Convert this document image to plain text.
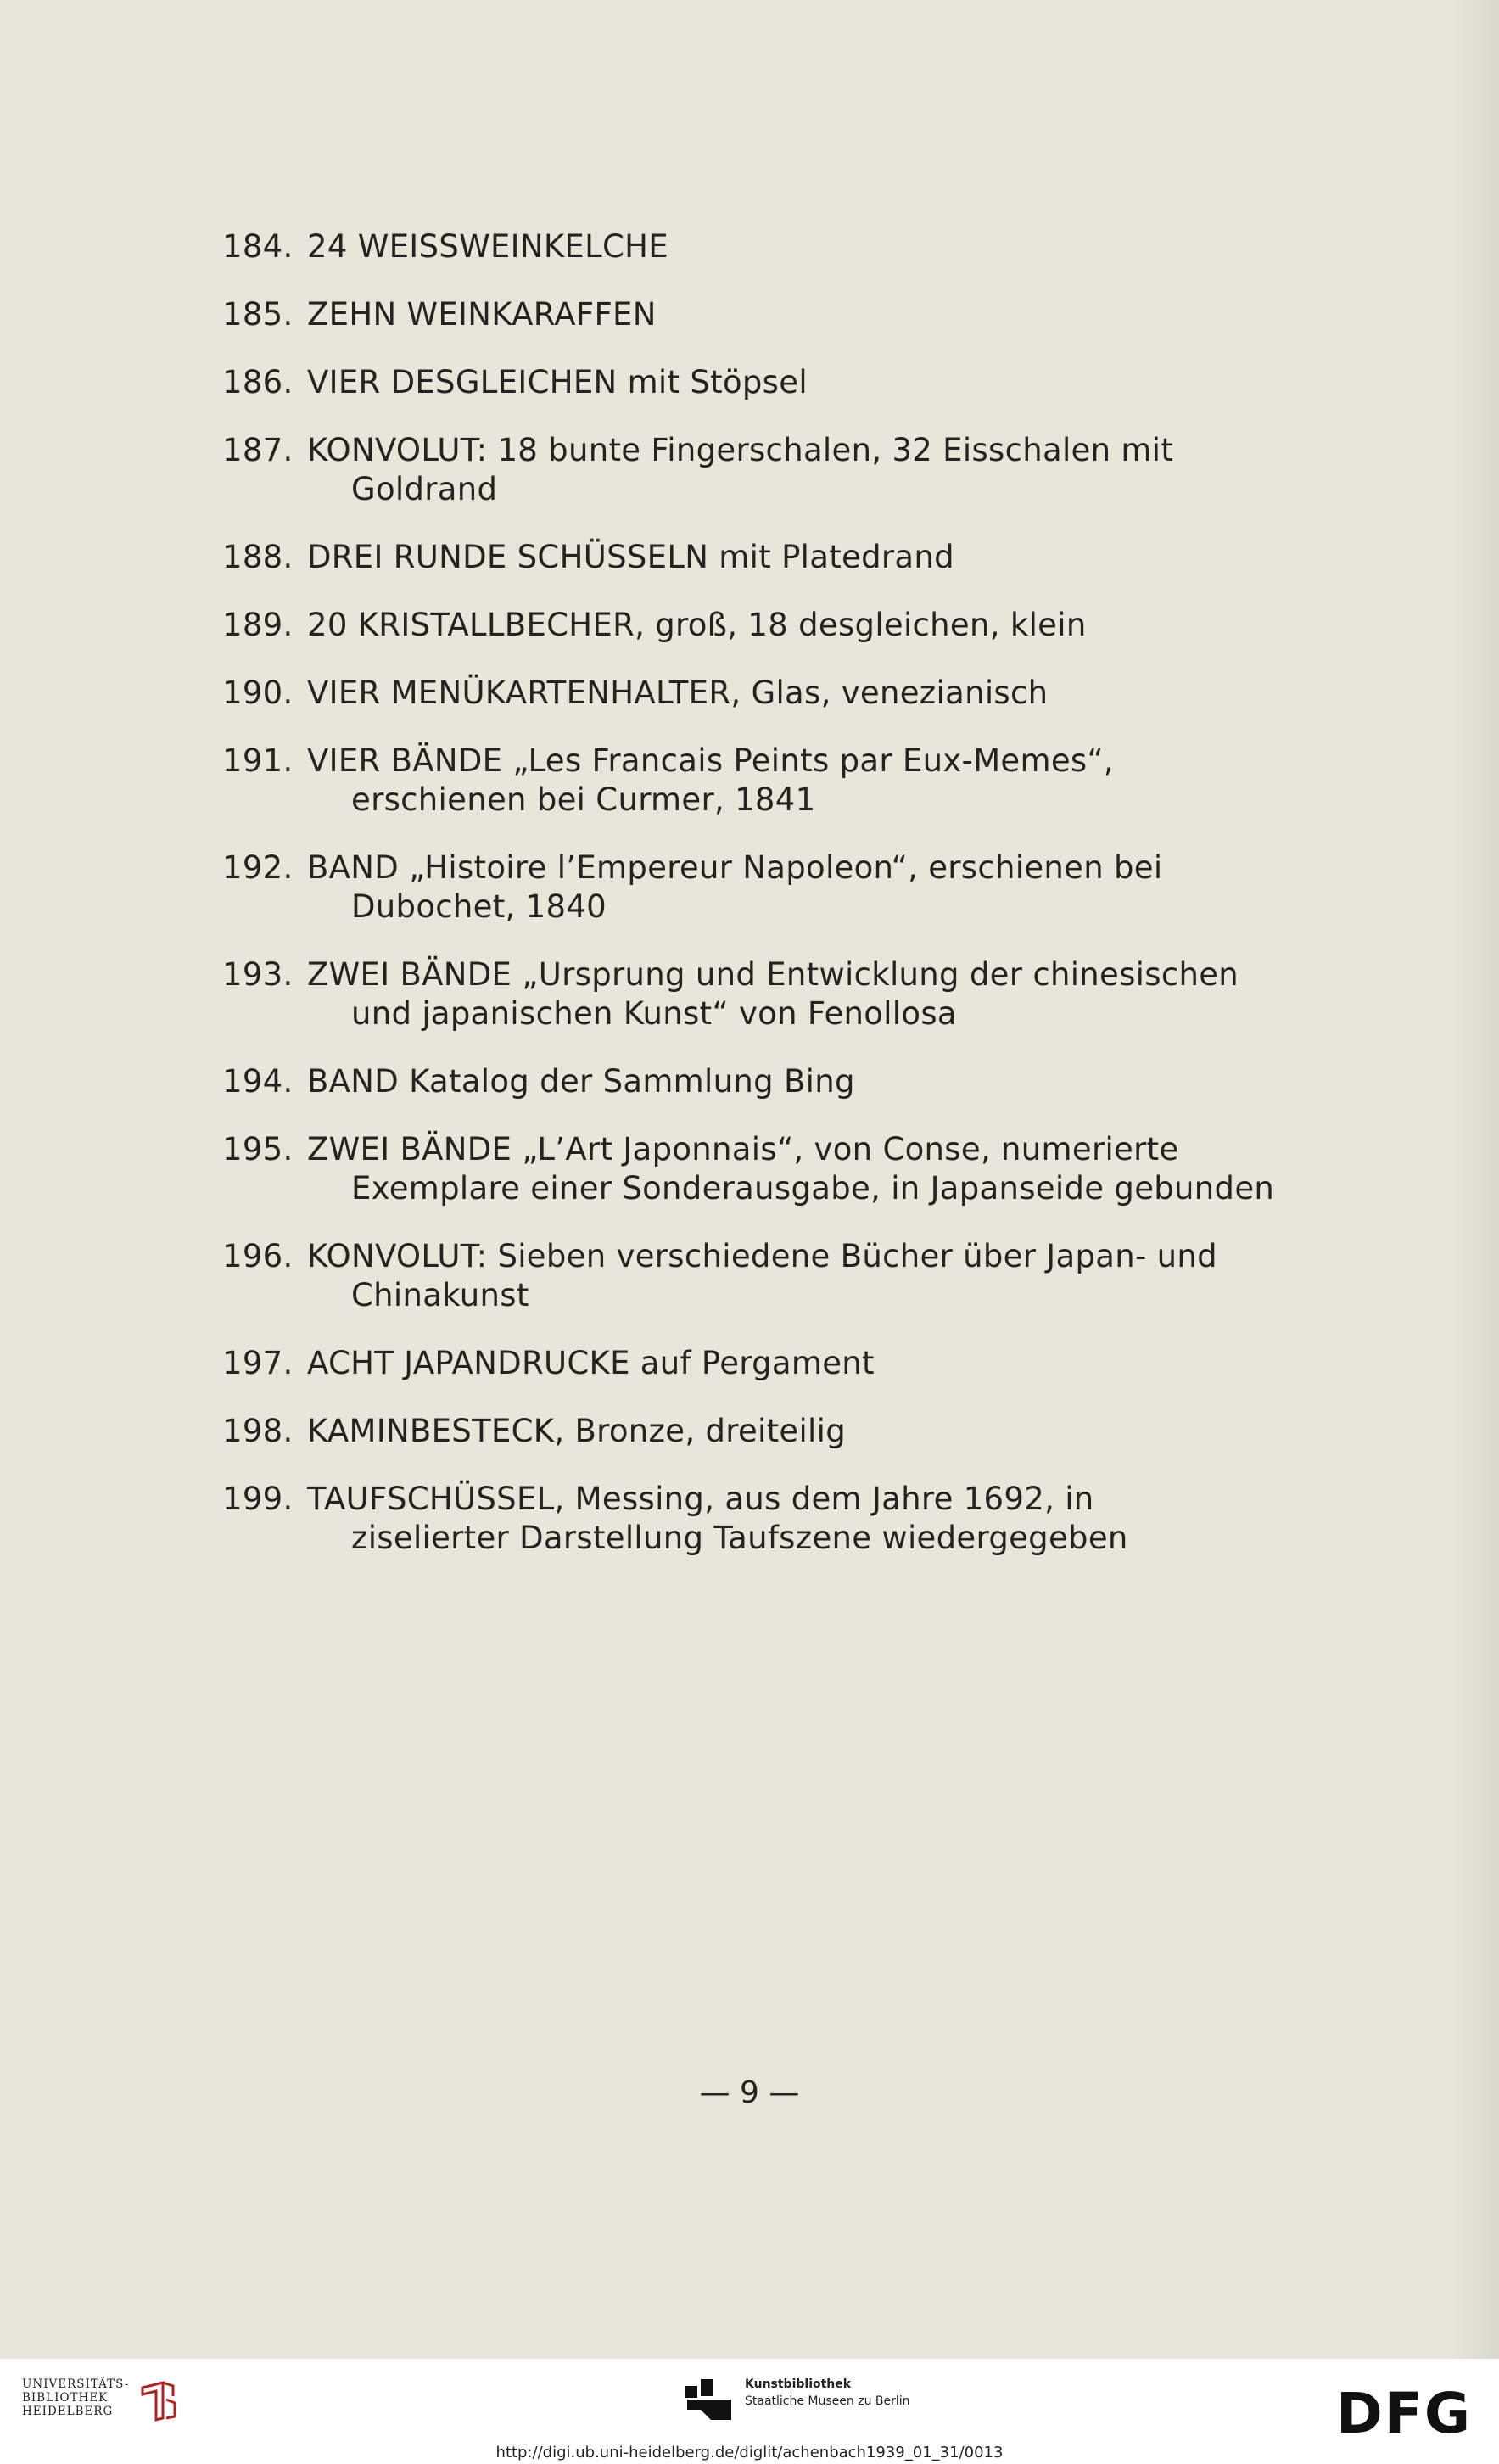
184. 24 WEISSWEINKELCHE
185. ZEHN WEINKARAFFEN
186. VIER DESGLEICHEN mit Stöpsel
187. KONVOLUT: 18 bunte Fingerschalen, 32 Eisschalen mit
Goldrand
188. DREI RUNDE SCHÜSSELN mit Platedrand
189. 20 KRISTALLBECHER, groß, 18 desgleichen, klein
190. VIER MENÜKARTENHALTER, Glas, venezianisch
191. VIER BÄNDE „Les Francais Peints par Eux-Memes“,
erschienen bei Curmer, 1841
192. BAND „Histoire l’Empereur Napoleon“, erschienen bei
Dubochet, 1840
193. ZWEI BÄNDE „Ursprung und Entwicklung der chinesischen
und japanischen Kunst“ von Fenollosa
194. BAND Katalog der Sammlung Bing
195. ZWEI BÄNDE „L’Art Japonnais“, von Conse, numerierte
Exemplare einer Sonderausgabe, in Japanseide gebunden
196. KONVOLUT: Sieben verschiedene Bücher über Japan- und
Chinakunst
197. ACHT JAPANDRUCKE auf Pergament
198. KAMINBESTECK, Bronze, dreiteilig
199. TAUFSCHÜSSEL, Messing, aus dem Jahre 1692, in
ziselierter Darstellung Taufszene wiedergegeben
— 9 —
UNIVERSITÄTS-
BIBLIOTHEK
HEIDELBERG
Kunstbibliothek
Staatliche Museen zu Berlin	DFG
http://digi.ub.uni-heidelberg.de/diglit/achenbach1939_01_31/0013
